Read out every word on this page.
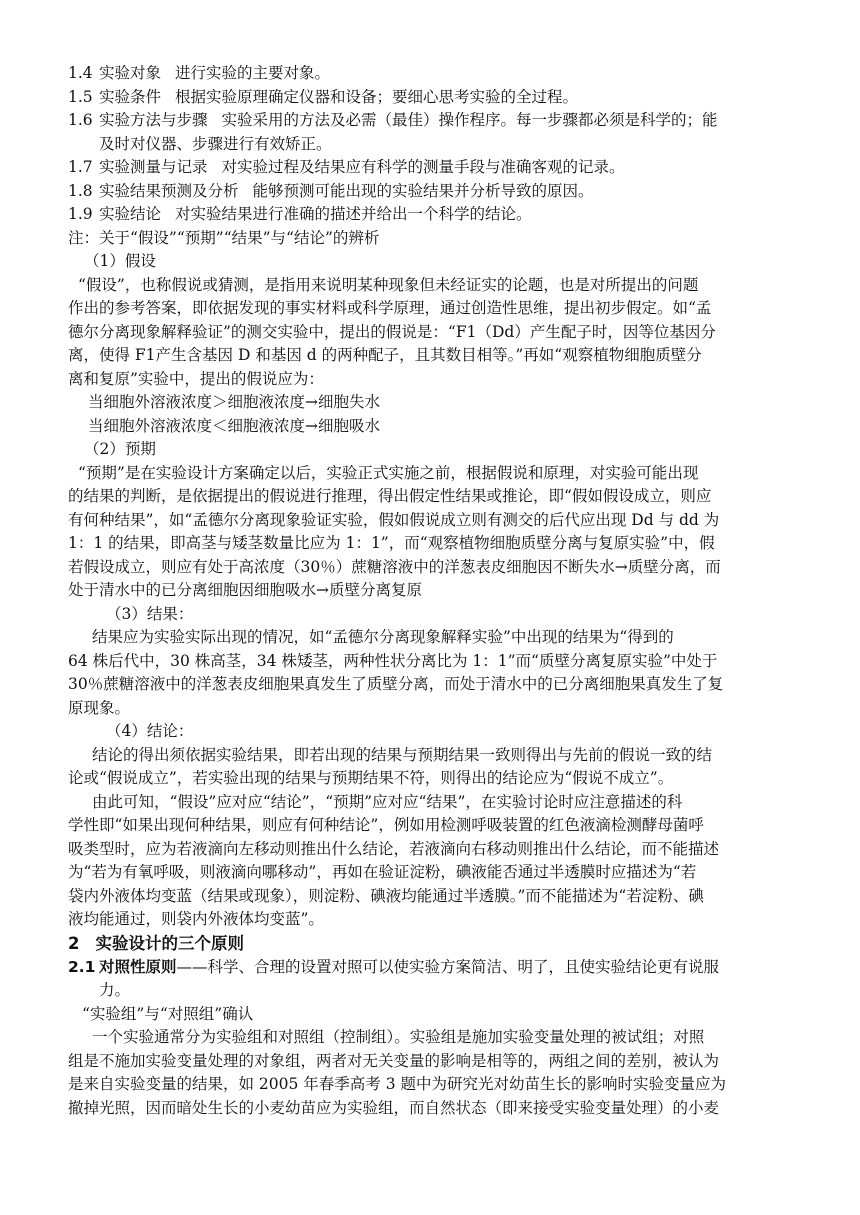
1.4 实验对象 进行实验的主要对象。
1.5 实验条件 根据实验原理确定仪器和设备；要细心思考实验的全过程。
1.6 实验方法与步骤 实验采用的方法及必需（最佳）操作程序。每一步骤都必须是科学的；能
及时对仪器、步骤进行有效矫正。
1.7 实验测量与记录 对实验过程及结果应有科学的测量手段与准确客观的记录。
1.8 实验结果预测及分析 能够预测可能出现的实验结果并分析导致的原因。
1.9 实验结论 对实验结果进行准确的描述并给出一个科学的结论。
注：关于“假设”“预期”“结果”与“结论”的辨析
（1）假设
“假设”，也称假说或猜测，是指用来说明某种现象但未经证实的论题，也是对所提出的问题
作出的参考答案，即依据发现的事实材料或科学原理，通过创造性思维，提出初步假定。如“孟
德尔分离现象解释验证”的测交实验中，提出的假说是：“F1（Dd）产生配子时，因等位基因分
离，使得 F1产生含基因 D 和基因 d 的两种配子，且其数目相等。”再如“观察植物细胞质壁分
离和复原”实验中，提出的假说应为：
当细胞外溶液浓度＞细胞液浓度→细胞失水
当细胞外溶液浓度＜细胞液浓度→细胞吸水
（2）预期
“预期”是在实验设计方案确定以后，实验正式实施之前，根据假说和原理，对实验可能出现
的结果的判断，是依据提出的假说进行推理，得出假定性结果或推论，即“假如假设成立，则应
有何种结果”，如“孟德尔分离现象验证实验，假如假说成立则有测交的后代应出现 Dd 与 dd 为
1：1 的结果，即高茎与矮茎数量比应为 1：1”，而“观察植物细胞质壁分离与复原实验”中，假
若假设成立，则应有处于高浓度（30％）蔗糖溶液中的洋葱表皮细胞因不断失水→质壁分离，而
处于清水中的已分离细胞因细胞吸水→质壁分离复原
（3）结果：
结果应为实验实际出现的情况，如“孟德尔分离现象解释实验”中出现的结果为“得到的
64 株后代中，30 株高茎，34 株矮茎，两种性状分离比为 1：1”而“质壁分离复原实验”中处于
30％蔗糖溶液中的洋葱表皮细胞果真发生了质壁分离，而处于清水中的已分离细胞果真发生了复
原现象。
（4）结论：
结论的得出须依据实验结果，即若出现的结果与预期结果一致则得出与先前的假说一致的结
论或“假说成立”，若实验出现的结果与预期结果不符，则得出的结论应为“假说不成立”。
由此可知，“假设”应对应“结论”，“预期”应对应“结果”，在实验讨论时应注意描述的科
学性即“如果出现何种结果，则应有何种结论”，例如用检测呼吸装置的红色液滴检测酵母菌呼
吸类型时，应为若液滴向左移动则推出什么结论，若液滴向右移动则推出什么结论，而不能描述
为“若为有氧呼吸，则液滴向哪移动”，再如在验证淀粉，碘液能否通过半透膜时应描述为“若
袋内外液体均变蓝（结果或现象），则淀粉、碘液均能通过半透膜。”而不能描述为“若淀粉、碘
液均能通过，则袋内外液体均变蓝”。
2 实验设计的三个原则
2.1 对照性原则——科学、合理的设置对照可以使实验方案简洁、明了，且使实验结论更有说服
力。
“实验组”与“对照组”确认
一个实验通常分为实验组和对照组（控制组）。实验组是施加实验变量处理的被试组；对照
组是不施加实验变量处理的对象组，两者对无关变量的影响是相等的，两组之间的差别，被认为
是来自实验变量的结果，如 2005 年春季高考 3 题中为研究光对幼苗生长的影响时实验变量应为
撤掉光照，因而暗处生长的小麦幼苗应为实验组，而自然状态（即来接受实验变量处理）的小麦
